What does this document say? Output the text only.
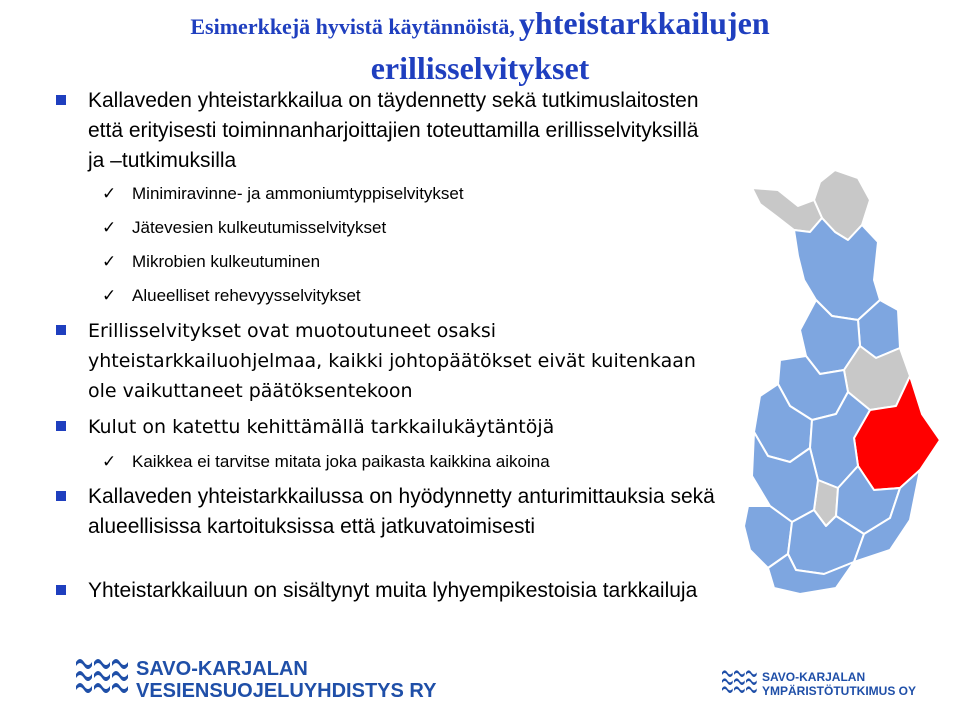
Esimerkkejä hyvistä käytännöistä, yhteistarkkailujen
erillisselvitykset
Kallaveden yhteistarkkailua on täydennetty sekä tutkimuslaitosten että erityisesti toiminnanharjoittajien toteuttamilla erillisselvityksillä ja –tutkimuksilla
✓ Minimiravinne- ja ammoniumtyppiselvitykset
✓ Jätevesien kulkeutumisselvitykset
✓ Mikrobien kulkeutuminen
✓ Alueelliset rehevyysselvitykset
Erillisselvitykset ovat muotoutuneet osaksi yhteistarkkailuohjelmaa, kaikki johtopäätökset eivät kuitenkaan ole vaikuttaneet päätöksentekoon
Kulut on katettu kehittämällä tarkkailukäytäntöjä
✓ Kaikkea ei tarvitse mitata joka paikasta kaikkina aikoina
Kallaveden yhteistarkkailussa on hyödynnetty anturimittauksia sekä alueellisissa kartoituksissa että jatkuvatoimisesti
Yhteistarkkailuun on sisältynyt muita lyhyempikestoisia tarkkailuja
SAVO-KARJALAN
VESIENSUOJELUYHDISTYS RY
SAVO-KARJALAN
YMPÄRISTÖTUTKIMUS OY
